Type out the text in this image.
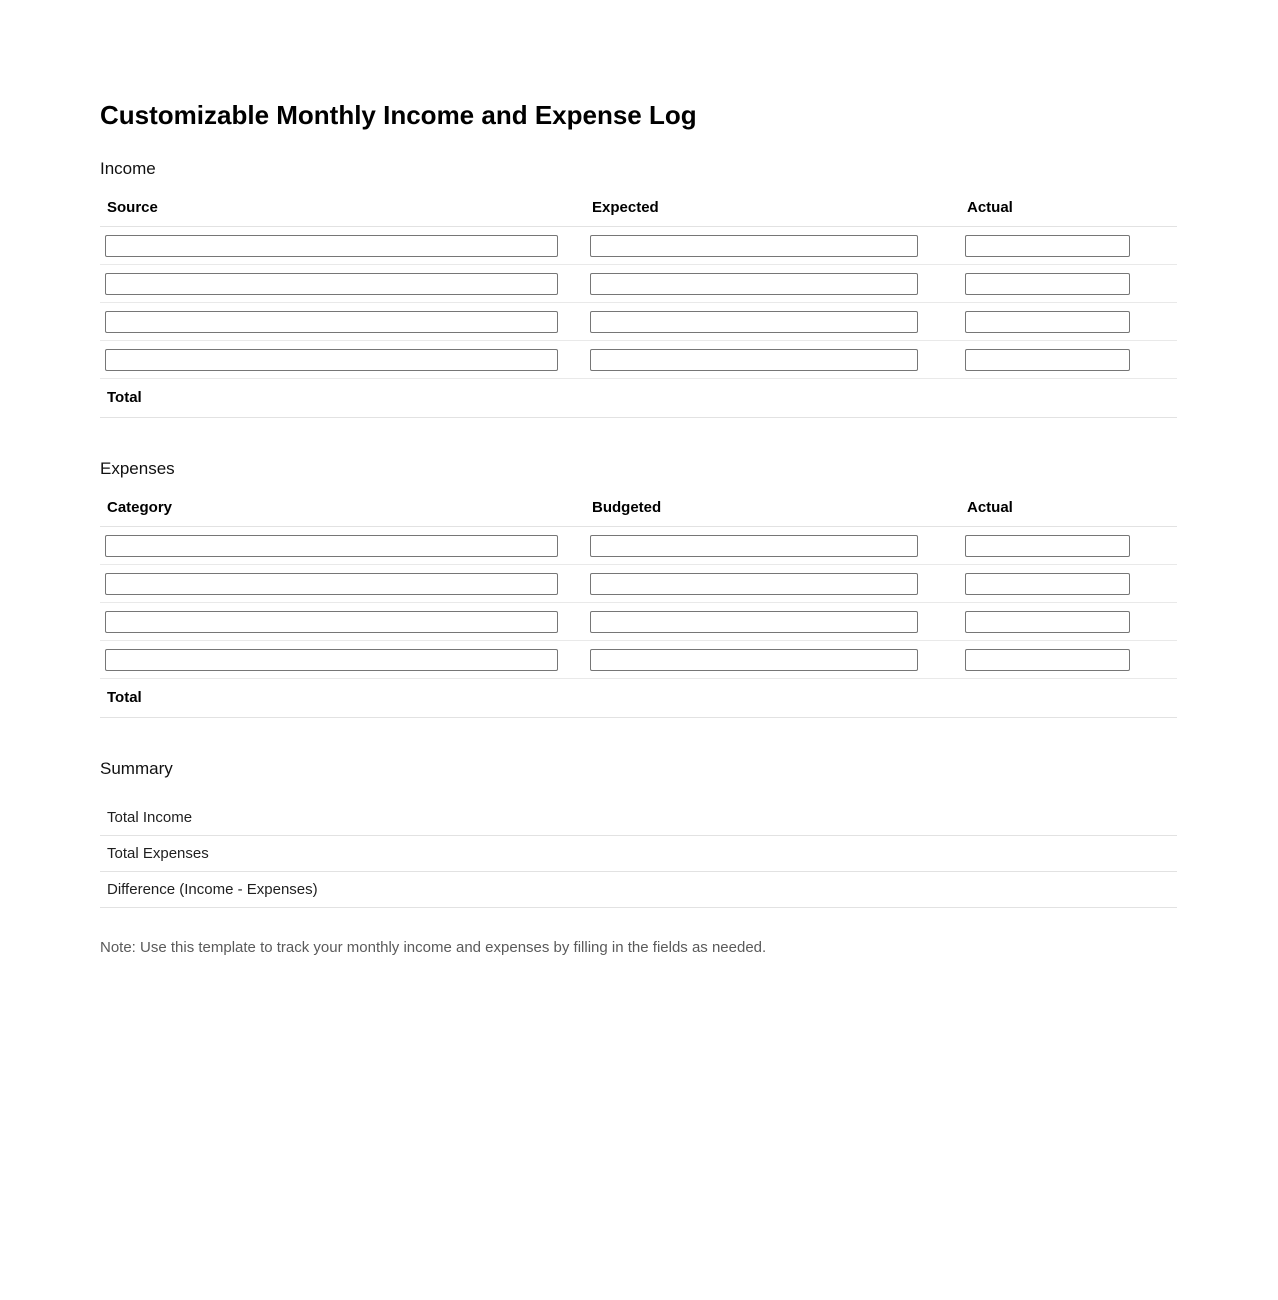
Customizable Monthly Income and Expense Log
Income
Source	Expected	Actual

Total		
Expenses
Category	Budgeted	Actual

Total		
Summary
Total Income
Total Expenses
Difference (Income - Expenses)

Note: Use this template to track your monthly income and expenses by filling in the fields as needed.
